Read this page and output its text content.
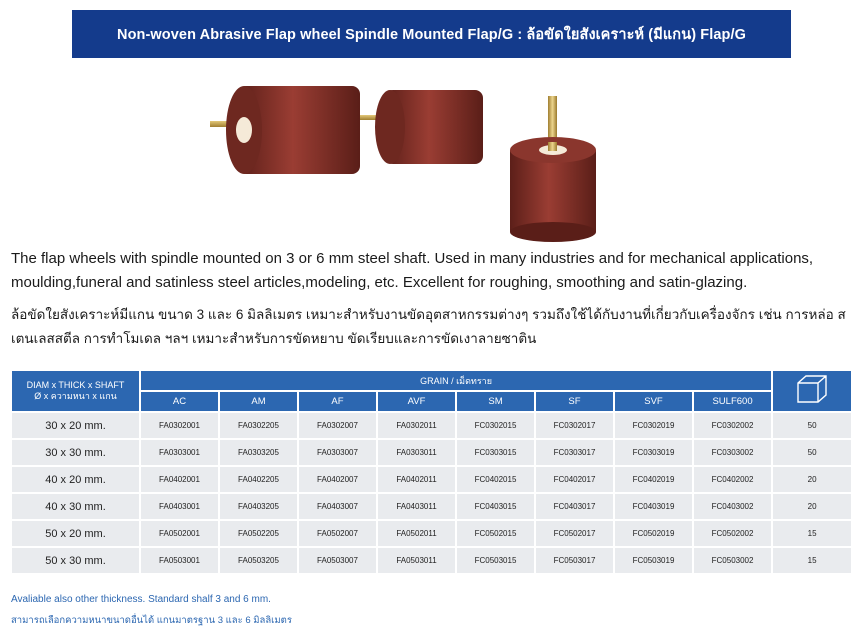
Non-woven Abrasive Flap wheel Spindle Mounted Flap/G : ล้อขัดใยสังเคราะห์ (มีแกน) Flap/G
The flap wheels with spindle mounted on 3 or 6 mm steel shaft. Used in many industries and for mechanical applications, moulding,funeral and satinless steel articles,modeling, etc. Excellent for roughing, smoothing and satin-glazing.
ล้อขัดใยสังเคราะห์มีแกน ขนาด 3 และ 6 มิลลิเมตร เหมาะสำหรับงานขัดอุตสาหกรรมต่างๆ รวมถึงใช้ได้กับงานที่เกี่ยวกับเครื่องจักร เช่น การหล่อ สเตนเลสสตีล การทำโมเดล ฯลฯ เหมาะสำหรับการขัดหยาบ ขัดเรียบและการขัดเงาลายซาติน
DIAM x THICK x SHAFT
Ø x ความหนา x แกน	GRAIN / เม็ดทราย	
	AC	AM	AF	AVF	SM	SF	SVF	SULF600	
30 x 20 mm.	FA0302001	FA0302205	FA0302007	FA0302011	FC0302015	FC0302017	FC0302019	FC0302002	50
30 x 30 mm.	FA0303001	FA0303205	FA0303007	FA0303011	FC0303015	FC0303017	FC0303019	FC0303002	50
40 x 20 mm.	FA0402001	FA0402205	FA0402007	FA0402011	FC0402015	FC0402017	FC0402019	FC0402002	20
40 x 30 mm.	FA0403001	FA0403205	FA0403007	FA0403011	FC0403015	FC0403017	FC0403019	FC0403002	20
50 x 20 mm.	FA0502001	FA0502205	FA0502007	FA0502011	FC0502015	FC0502017	FC0502019	FC0502002	15
50 x 30 mm.	FA0503001	FA0503205	FA0503007	FA0503011	FC0503015	FC0503017	FC0503019	FC0503002	15
Avaliable also other thickness. Standard shalf 3 and 6 mm.
สามารถเลือกความหนาขนาดอื่นได้ แกนมาตรฐาน 3 และ 6 มิลลิเมตร
